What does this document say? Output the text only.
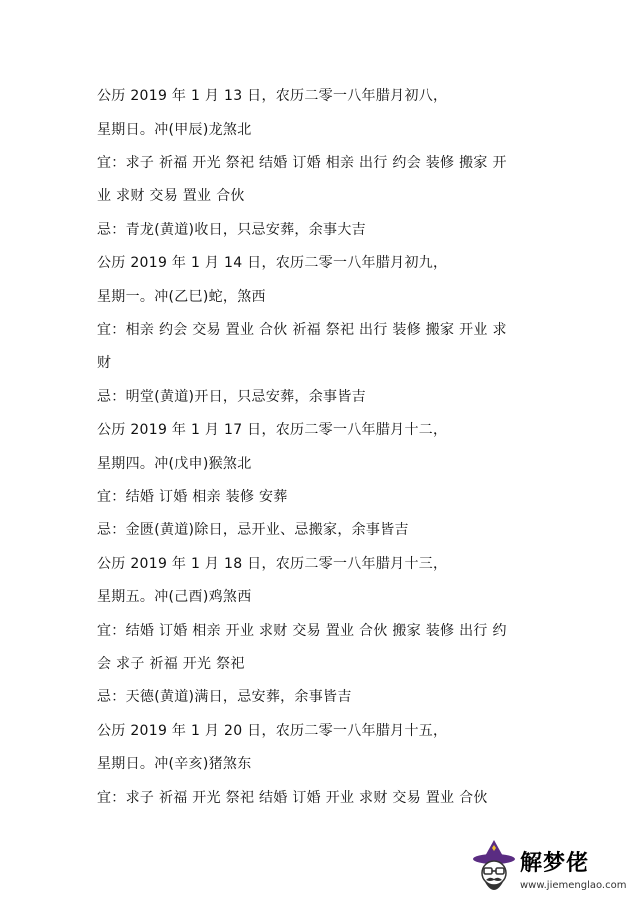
公历 2019 年 1 月 13 日，农历二零一八年腊月初八，
星期日。冲(甲辰)龙煞北
宜：求子 祈福 开光 祭祀 结婚 订婚 相亲 出行 约会 装修 搬家 开
业 求财 交易 置业 合伙
忌：青龙(黄道)收日，只忌安葬，余事大吉
公历 2019 年 1 月 14 日，农历二零一八年腊月初九，
星期一。冲(乙巳)蛇，煞西
宜：相亲 约会 交易 置业 合伙 祈福 祭祀 出行 装修 搬家 开业 求
财
忌：明堂(黄道)开日，只忌安葬，余事皆吉
公历 2019 年 1 月 17 日，农历二零一八年腊月十二，
星期四。冲(戊申)猴煞北
宜：结婚 订婚 相亲 装修 安葬
忌：金匮(黄道)除日，忌开业、忌搬家，余事皆吉
公历 2019 年 1 月 18 日，农历二零一八年腊月十三，
星期五。冲(己酉)鸡煞西
宜：结婚 订婚 相亲 开业 求财 交易 置业 合伙 搬家 装修 出行 约
会 求子 祈福 开光 祭祀
忌：天德(黄道)满日，忌安葬，余事皆吉
公历 2019 年 1 月 20 日，农历二零一八年腊月十五，
星期日。冲(辛亥)猪煞东
宜：求子 祈福 开光 祭祀 结婚 订婚 开业 求财 交易 置业 合伙
解梦佬
www.jiemenglao.com
